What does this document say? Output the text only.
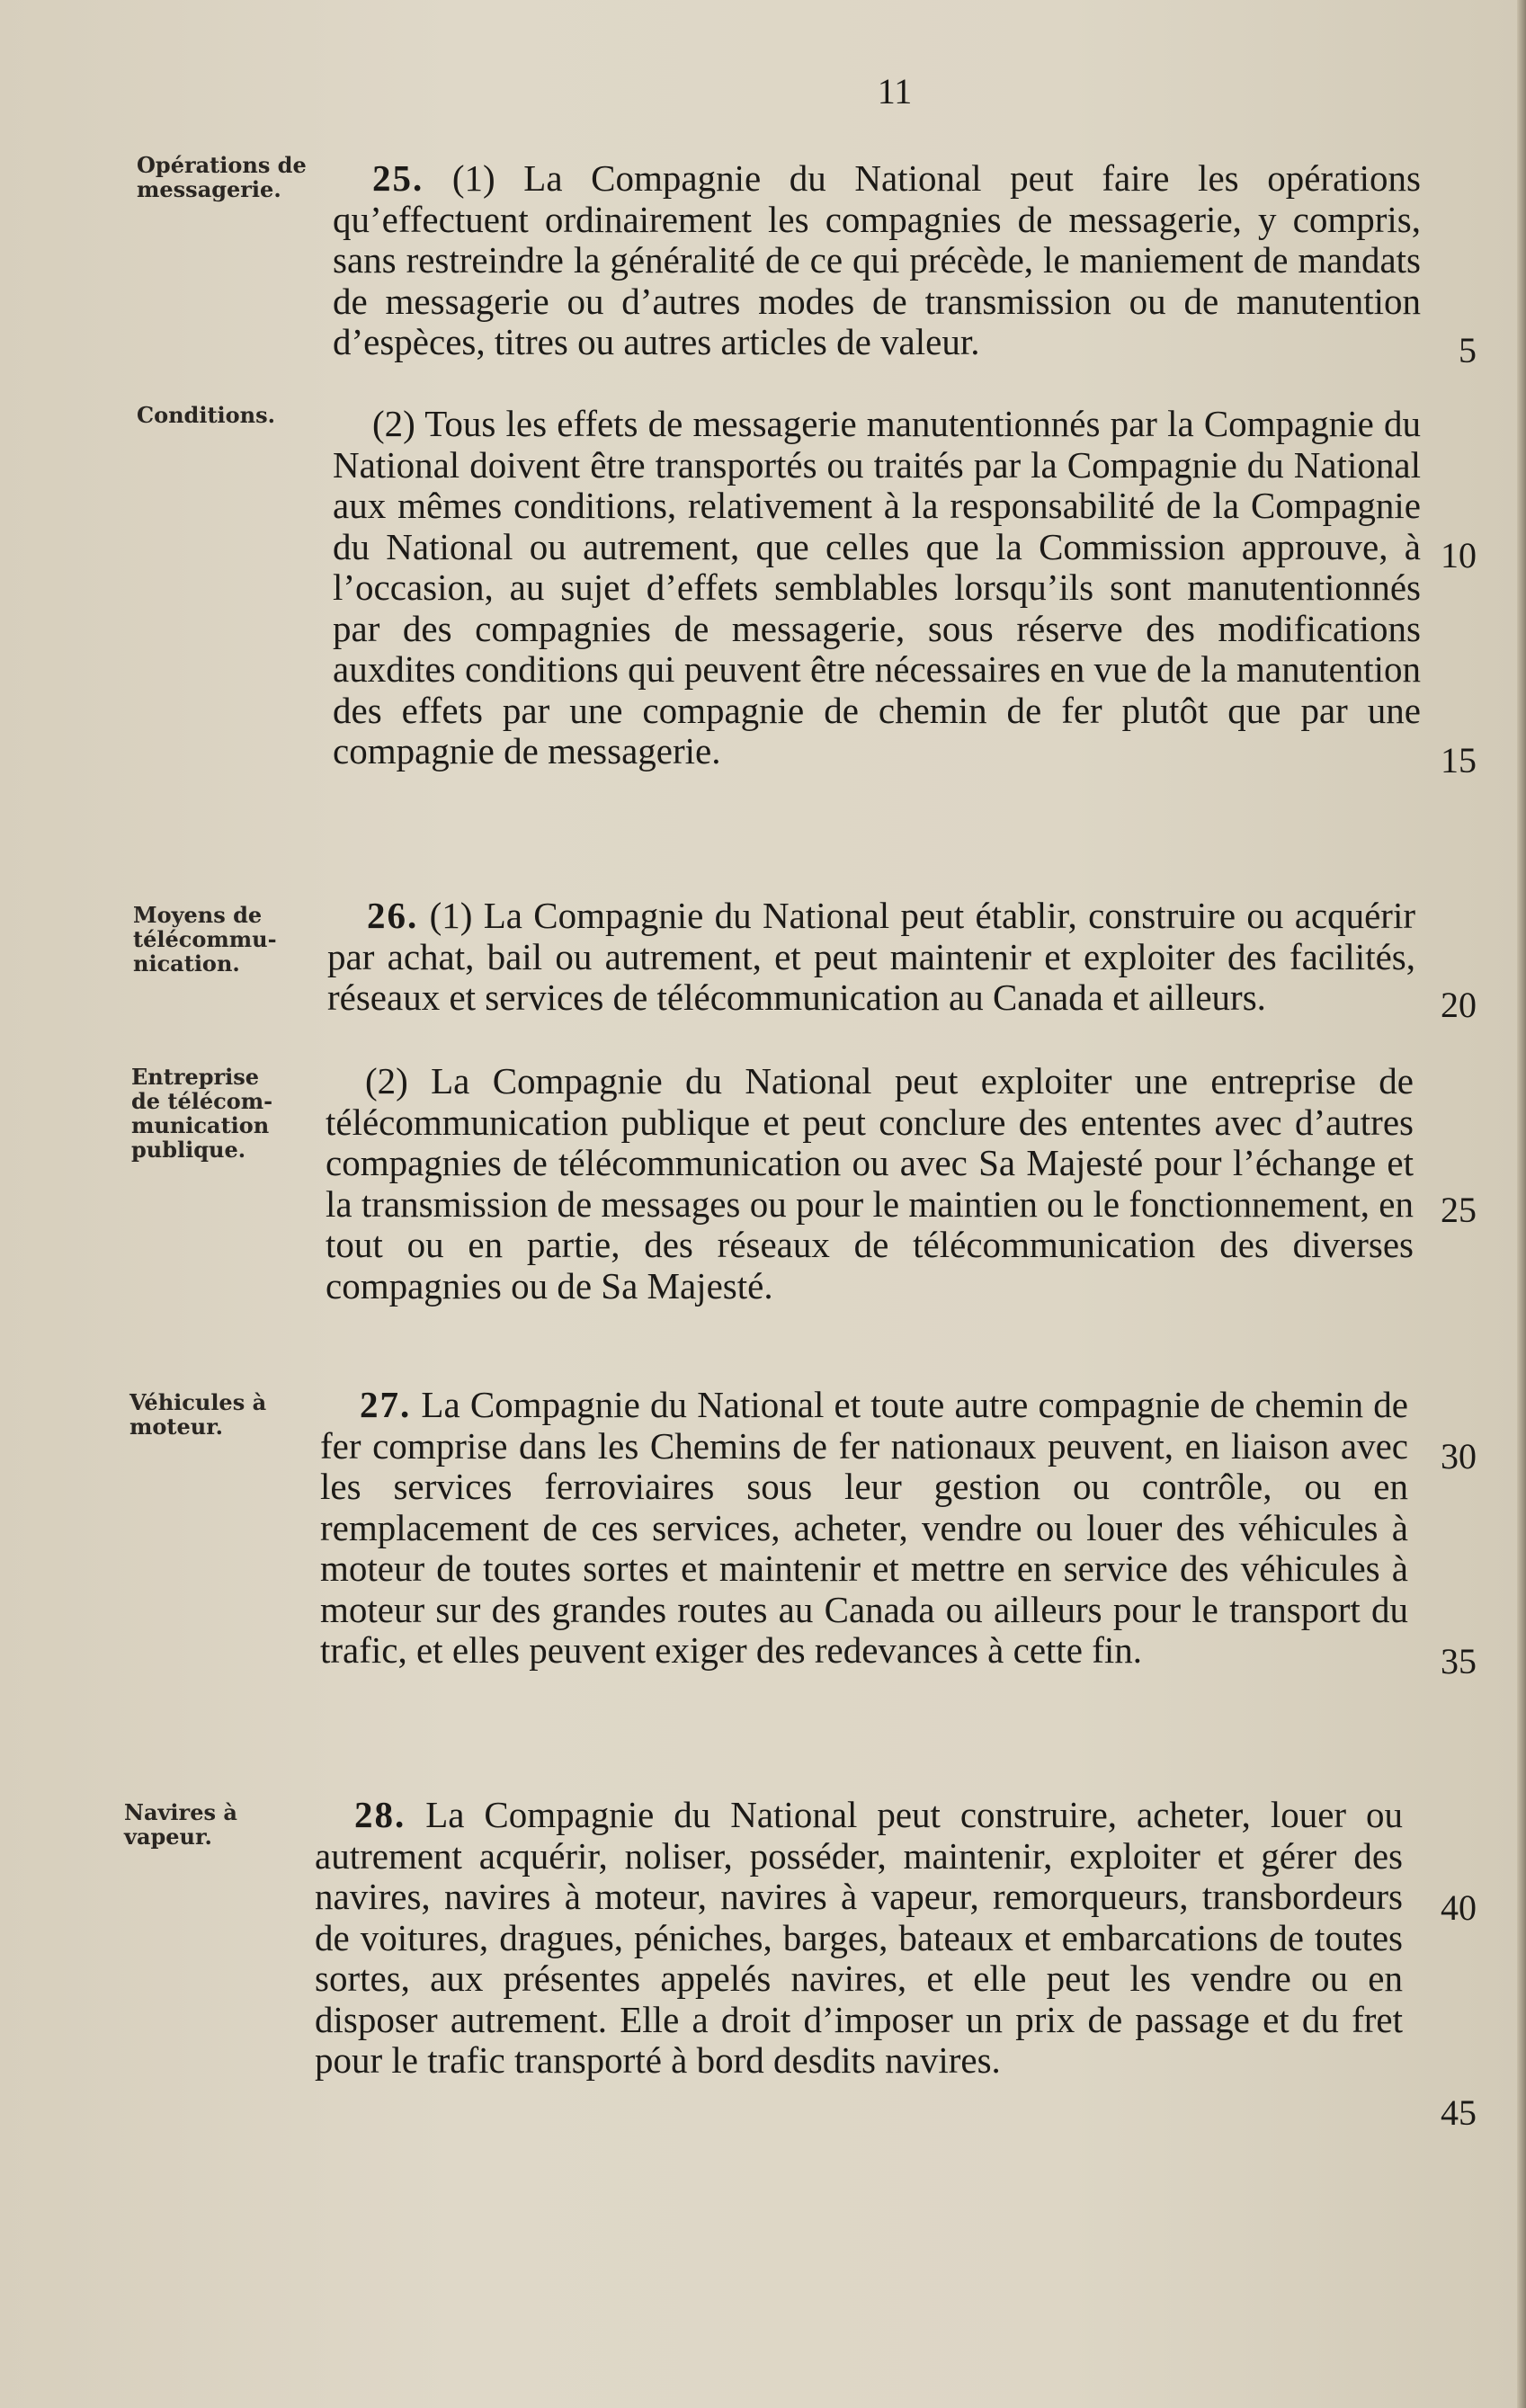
11
Opérations de messagerie.
Conditions.
Moyens de télécommu-nication.
Entreprise de télécom-munication publique.
Véhicules à moteur.
Navires à vapeur.
25. (1) La Compagnie du National peut faire les opérations qu’effectuent ordinairement les compagnies de messagerie, y compris, sans restreindre la généralité de ce qui précède, le maniement de mandats de messagerie ou d’autres modes de transmission ou de manutention d’espèces, titres ou autres articles de valeur.
(2) Tous les effets de messagerie manutentionnés par la Compagnie du National doivent être transportés ou traités par la Compagnie du National aux mêmes conditions, relativement à la responsabilité de la Compagnie du National ou autrement, que celles que la Commission approuve, à l’occasion, au sujet d’effets semblables lorsqu’ils sont manutentionnés par des compagnies de messagerie, sous réserve des modifications auxdites conditions qui peuvent être nécessaires en vue de la manutention des effets par une compagnie de chemin de fer plutôt que par une compagnie de messagerie.
26. (1) La Compagnie du National peut établir, construire ou acquérir par achat, bail ou autrement, et peut maintenir et exploiter des facilités, réseaux et services de télécommunication au Canada et ailleurs.
(2) La Compagnie du National peut exploiter une entreprise de télécommunication publique et peut conclure des ententes avec d’autres compagnies de télécommunication ou avec Sa Majesté pour l’échange et la transmission de messages ou pour le maintien ou le fonctionnement, en tout ou en partie, des réseaux de télécommunication des diverses compagnies ou de Sa Majesté.
27. La Compagnie du National et toute autre compagnie de chemin de fer comprise dans les Chemins de fer nationaux peuvent, en liaison avec les services ferroviaires sous leur gestion ou contrôle, ou en remplacement de ces services, acheter, vendre ou louer des véhicules à moteur de toutes sortes et maintenir et mettre en service des véhicules à moteur sur des grandes routes au Canada ou ailleurs pour le transport du trafic, et elles peuvent exiger des redevances à cette fin.
28. La Compagnie du National peut construire, acheter, louer ou autrement acquérir, noliser, posséder, maintenir, exploiter et gérer des navires, navires à moteur, navires à vapeur, remorqueurs, transbordeurs de voitures, dragues, péniches, barges, bateaux et embarcations de toutes sortes, aux présentes appelés navires, et elle peut les vendre ou en disposer autrement. Elle a droit d’imposer un prix de passage et du fret pour le trafic transporté à bord desdits navires.
5
10
15
20
25
30
35
40
45
